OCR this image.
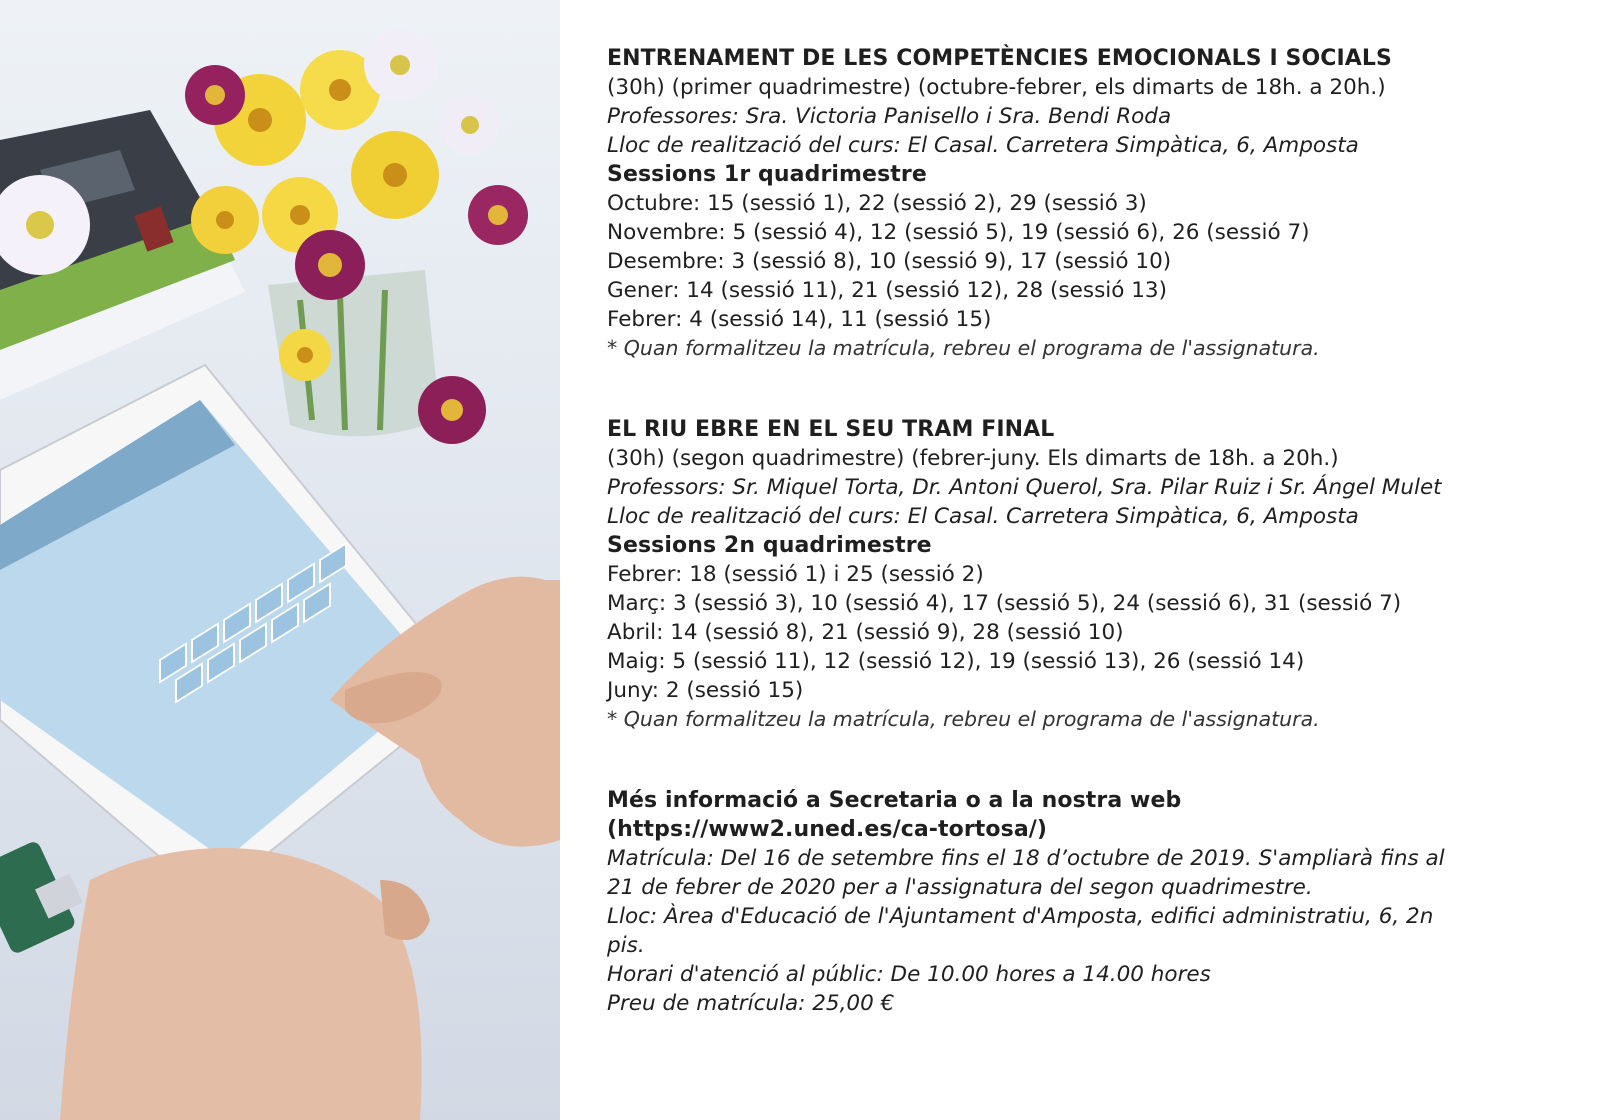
ENTRENAMENT DE LES COMPETÈNCIES EMOCIONALS I SOCIALS
(30h) (primer quadrimestre) (octubre-febrer, els dimarts de 18h. a 20h.)
Professores: Sra. Victoria Panisello i Sra. Bendi Roda
Lloc de realització del curs: El Casal. Carretera Simpàtica, 6, Amposta
Sessions 1r quadrimestre
Octubre: 15 (sessió 1), 22 (sessió 2), 29 (sessió 3)
Novembre: 5 (sessió 4), 12 (sessió 5), 19 (sessió 6), 26 (sessió 7)
Desembre: 3 (sessió 8), 10 (sessió 9), 17 (sessió 10)
Gener: 14 (sessió 11), 21 (sessió 12), 28 (sessió 13)
Febrer: 4 (sessió 14), 11 (sessió 15)
* Quan formalitzeu la matrícula, rebreu el programa de l'assignatura.
EL RIU EBRE EN EL SEU TRAM FINAL
(30h) (segon quadrimestre) (febrer-juny. Els dimarts de 18h. a 20h.)
Professors: Sr. Miquel Torta, Dr. Antoni Querol, Sra. Pilar Ruiz i Sr. Ángel Mulet
Lloc de realització del curs: El Casal. Carretera Simpàtica, 6, Amposta
Sessions 2n quadrimestre
Febrer: 18 (sessió 1) i 25 (sessió 2)
Març: 3 (sessió 3), 10 (sessió 4), 17 (sessió 5), 24 (sessió 6), 31 (sessió 7)
Abril: 14 (sessió 8), 21 (sessió 9), 28 (sessió 10)
Maig: 5 (sessió 11), 12 (sessió 12), 19 (sessió 13), 26 (sessió 14)
Juny: 2 (sessió 15)
* Quan formalitzeu la matrícula, rebreu el programa de l'assignatura.
Més informació a Secretaria o a la nostra web
(https://www2.uned.es/ca-tortosa/)
Matrícula: Del 16 de setembre fins el 18 d’octubre de 2019. S'ampliarà fins al 21 de febrer de 2020 per a l'assignatura del segon quadrimestre.
Lloc: Àrea d'Educació de l'Ajuntament d'Amposta, edifici administratiu, 6, 2n pis.
Horari d'atenció al públic: De 10.00 hores a 14.00 hores
Preu de matrícula: 25,00 €
